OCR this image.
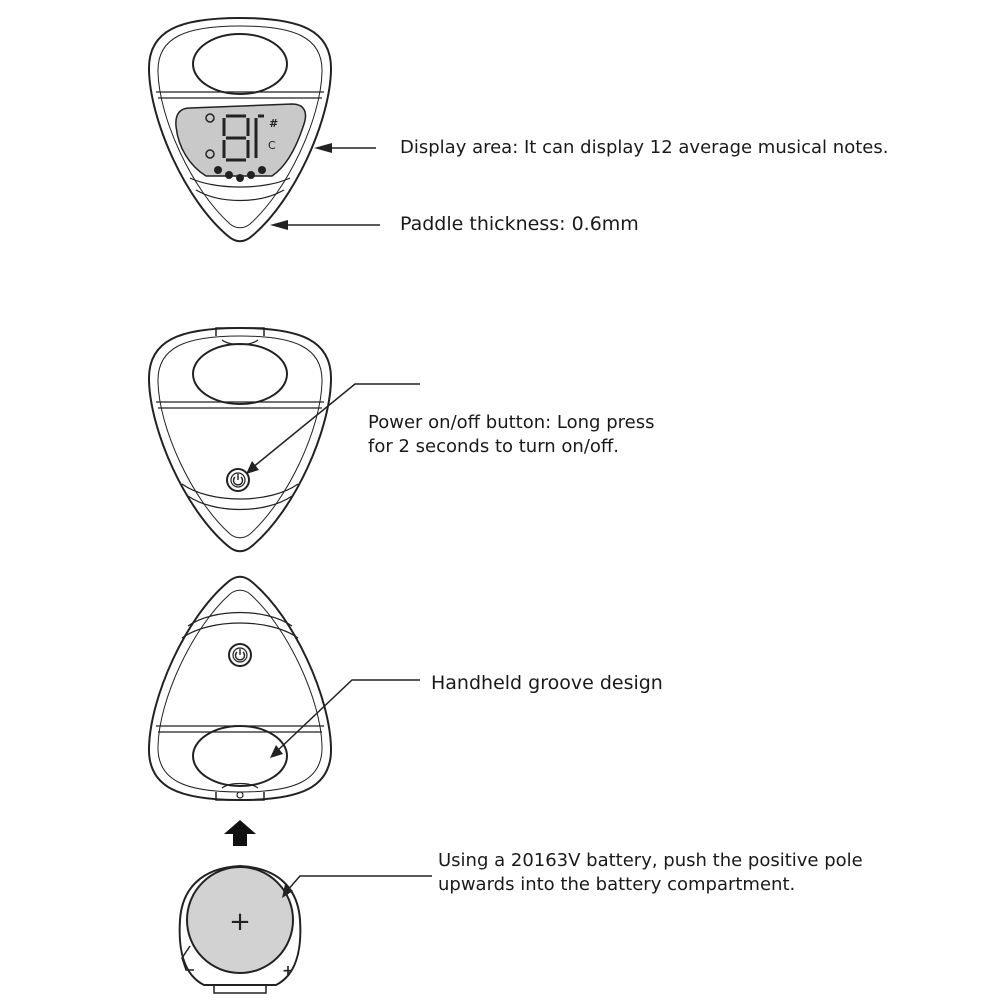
#
C
+
+
Display area: It can display 12 average musical notes.
Paddle thickness: 0.6mm
Power on/off button: Long press
for 2 seconds to turn on/off.
Handheld groove design
Using a 20163V battery, push the positive pole
upwards into the battery compartment.
